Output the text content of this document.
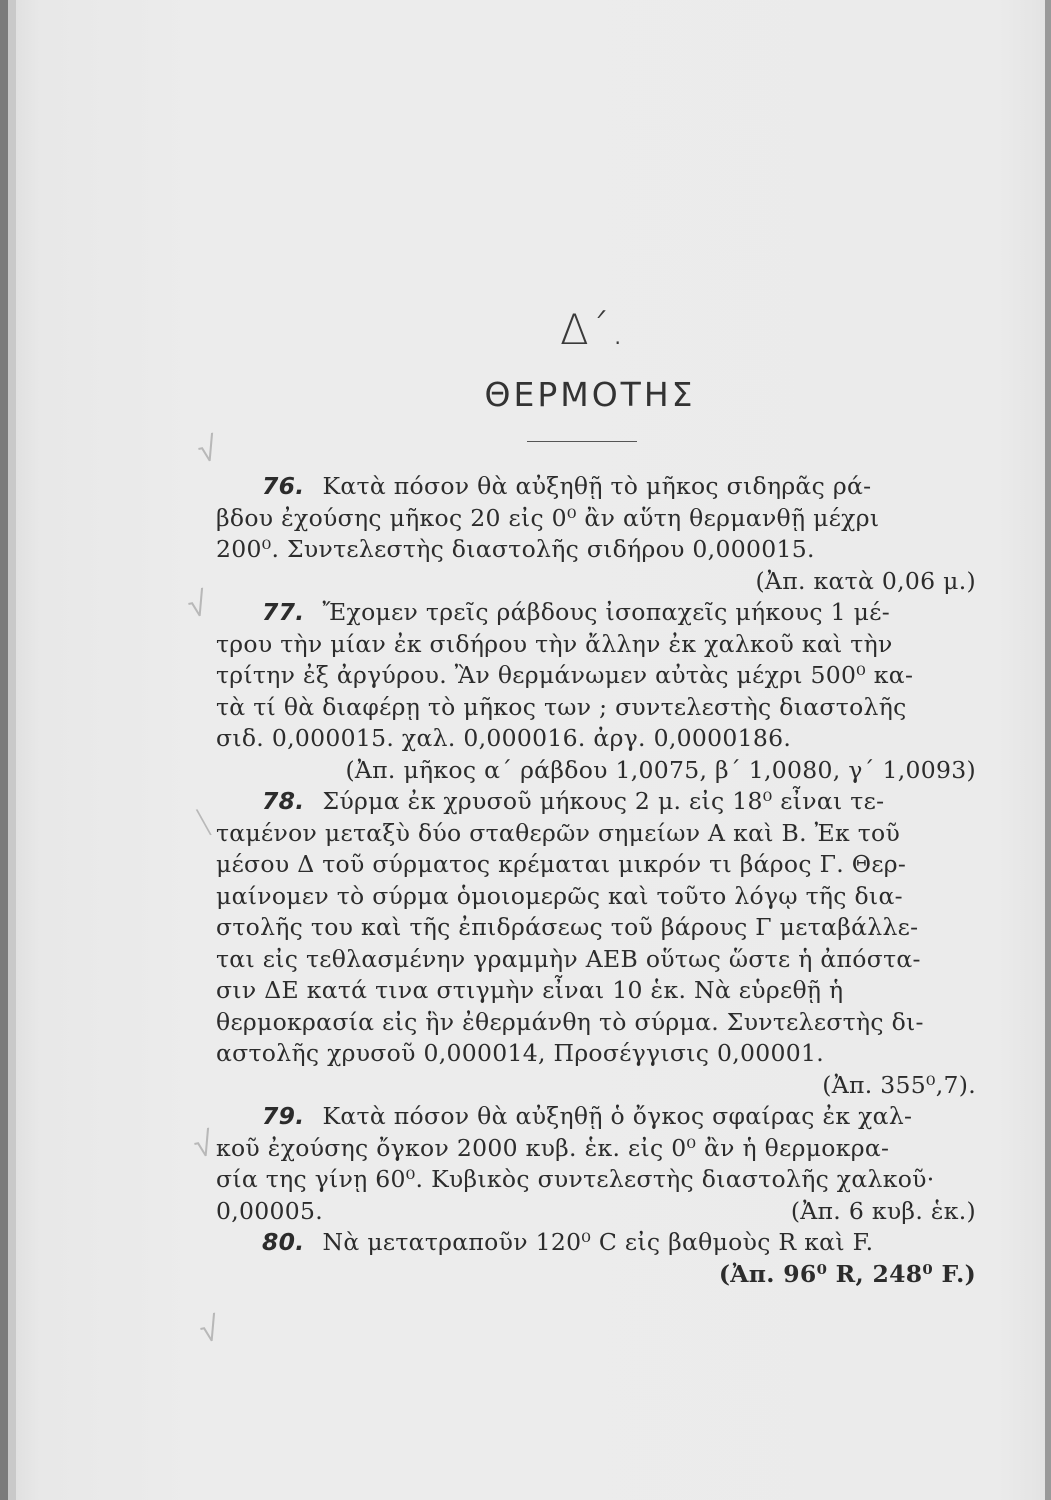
√
√
\
√
√
Δ΄.
ΘΕΡΜΟΤΗΣ
76. Κατὰ πόσον θὰ αὐξηθῇ τὸ μῆκος σιδηρᾶς ρά-
βδου ἐχούσης μῆκος 20 εἰς 0⁰ ἂν αὕτη θερμανθῇ μέχρι
200⁰. Συντελεστὴς διαστολῆς σιδήρου 0,000015.
(Ἀπ. κατὰ 0,06 μ.)
77. Ἔχομεν τρεῖς ράβδους ἰσοπαχεῖς μήκους 1 μέ-
τρου τὴν μίαν ἐκ σιδήρου τὴν ἄλλην ἐκ χαλκοῦ καὶ τὴν
τρίτην ἐξ ἀργύρου. Ἂν θερμάνωμεν αὐτὰς μέχρι 500⁰ κα-
τὰ τί θὰ διαφέρῃ τὸ μῆκος των ; συντελεστὴς διαστολῆς
σιδ. 0,000015. χαλ. 0,000016. ἀργ. 0,0000186.
(Ἀπ. μῆκος α΄ ράβδου 1,0075, β΄ 1,0080, γ΄ 1,0093)
78. Σύρμα ἐκ χρυσοῦ μήκους 2 μ. εἰς 18⁰ εἶναι τε-
ταμένον μεταξὺ δύο σταθερῶν σημείων Α καὶ Β. Ἐκ τοῦ
μέσου Δ τοῦ σύρματος κρέμαται μικρόν τι βάρος Γ. Θερ-
μαίνομεν τὸ σύρμα ὁμοιομερῶς καὶ τοῦτο λόγῳ τῆς δια-
στολῆς του καὶ τῆς ἐπιδράσεως τοῦ βάρους Γ μεταβάλλε-
ται εἰς τεθλασμένην γραμμὴν ΑΕΒ οὕτως ὥστε ἡ ἀπόστα-
σιν ΔΕ κατά τινα στιγμὴν εἶναι 10 ἑκ. Νὰ εὑρεθῇ ἡ
θερμοκρασία εἰς ἣν ἐθερμάνθη τὸ σύρμα. Συντελεστὴς δι-
αστολῆς χρυσοῦ 0,000014, Προσέγγισις 0,00001.
(Ἀπ. 355⁰,7).
79. Κατὰ πόσον θὰ αὐξηθῇ ὁ ὄγκος σφαίρας ἐκ χαλ-
κοῦ ἐχούσης ὄγκον 2000 κυβ. ἑκ. εἰς 0⁰ ἂν ἡ θερμοκρα-
σία της γίνῃ 60⁰. Κυβικὸς συντελεστὴς διαστολῆς χαλκοῦ·
0,00005.	(Ἀπ. 6 κυβ. ἑκ.)
80. Νὰ μετατραποῦν 120⁰ C εἰς βαθμοὺς R καὶ F.
(Ἀπ. 96⁰ R, 248⁰ F.)
